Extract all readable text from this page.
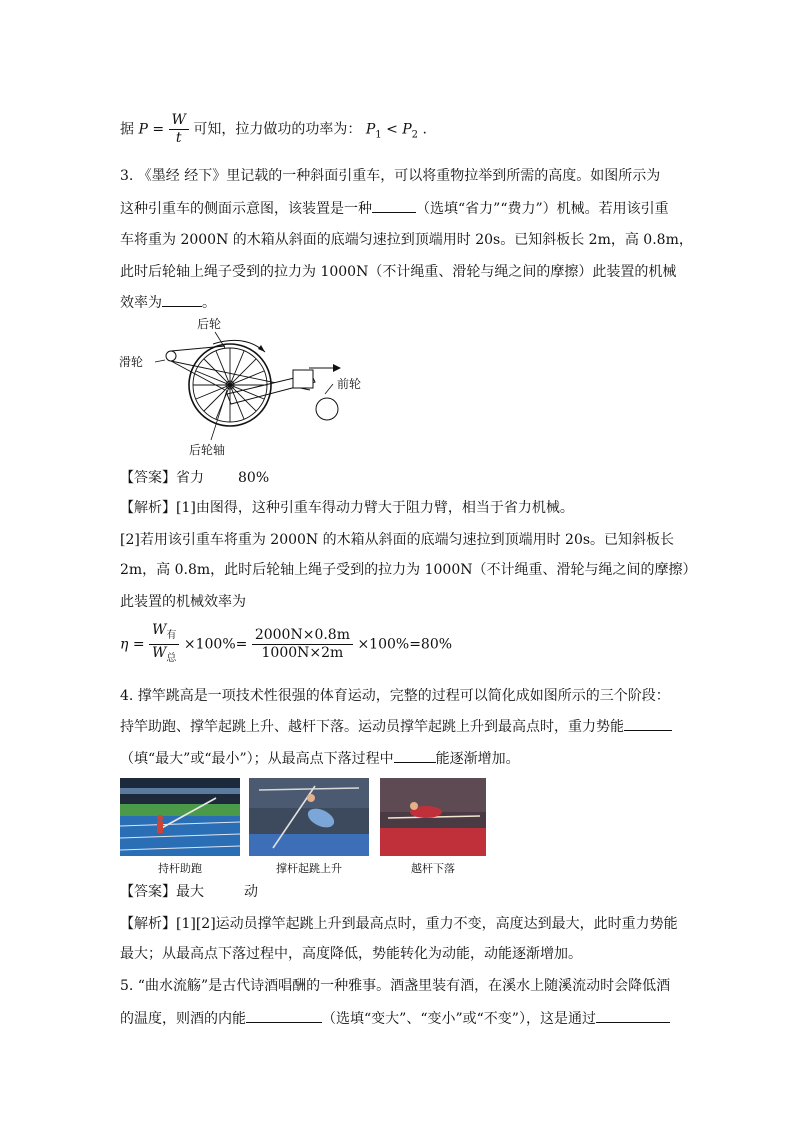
据 $P = \frac{W}{t}$ 可知，拉力做功的功率为： $P_1 < P_2$ .
3. 《墨经 经下》里记载的一种斜面引重车，可以将重物拉举到所需的高度。如图所示为
这种引重车的侧面示意图，该装置是一种	（选填“省力”“费力”）机械。若用该引重
车将重为 2000N 的木箱从斜面的底端匀速拉到顶端用时 20s。已知斜板长 2m，高 0.8m，
此时后轮轴上绳子受到的拉力为 1000N（不计绳重、滑轮与绳之间的摩擦）此装置的机械
效率为	。
后轮
滑轮
前轮
后轮轴
【答案】省力 80%
【解析】[1]由图得，这种引重车得动力臂大于阻力臂，相当于省力机械。
[2]若用该引重车将重为 2000N 的木箱从斜面的底端匀速拉到顶端用时 20s。已知斜板长
2m，高 0.8m，此时后轮轴上绳子受到的拉力为 1000N（不计绳重、滑轮与绳之间的摩擦）
此装置的机械效率为
$\eta = \frac{W_有}{W_总} \times 100\%= \frac{2000N\times 0.8m}{1000N\times 2m} \times 100\%=80\%$
4. 撑竿跳高是一项技术性很强的体育运动，完整的过程可以简化成如图所示的三个阶段：
持竿助跑、撑竿起跳上升、越杆下落。运动员撑竿起跳上升到最高点时，重力势能
（填“最大”或“最小”）；从最高点下落过程中	能逐渐增加。
持杆助跑	撑杆起跳上升	越杆下落
【答案】最大	动
【解析】[1][2]运动员撑竿起跳上升到最高点时，重力不变，高度达到最大，此时重力势能
最大；从最高点下落过程中，高度降低，势能转化为动能，动能逐渐增加。
5. “曲水流觞”是古代诗酒唱酬的一种雅事。酒盏里装有酒，在溪水上随溪流动时会降低酒
的温度，则酒的内能	（选填“变大”、“变小”或“不变”），这是通过
